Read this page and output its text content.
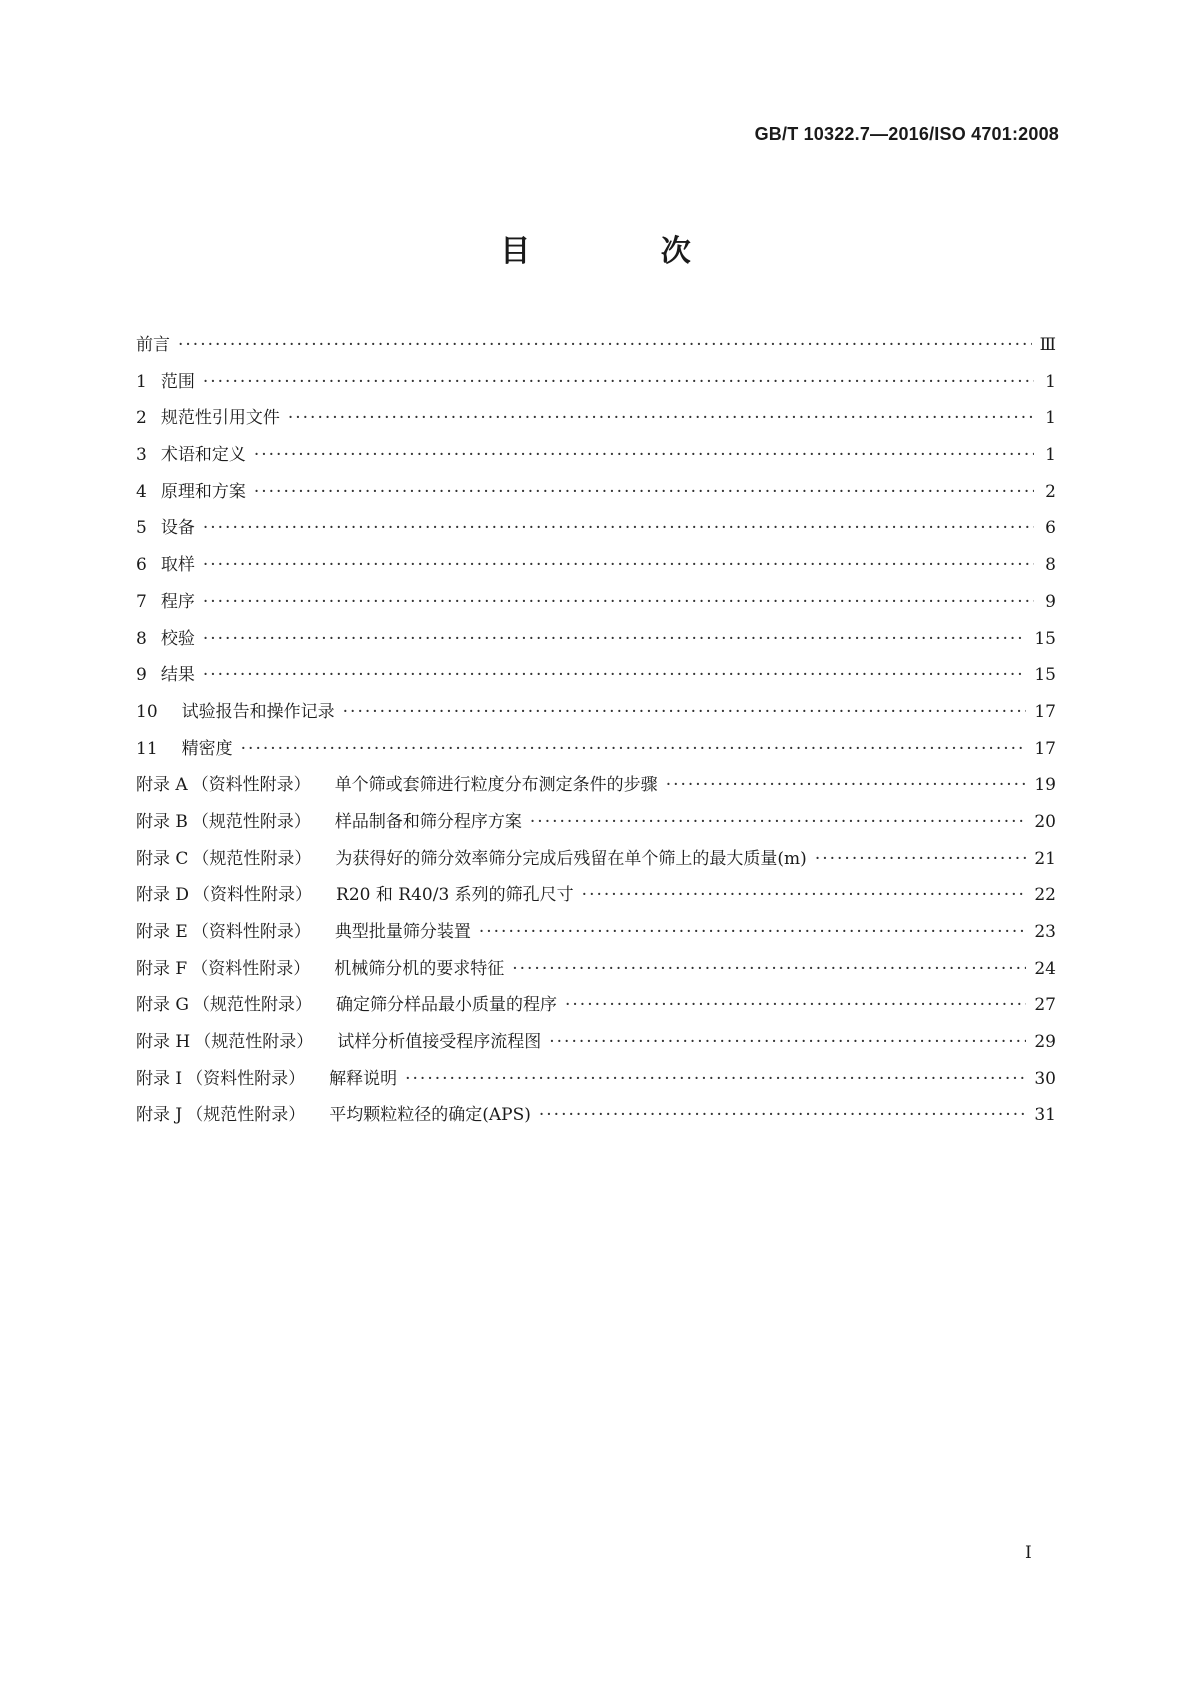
GB/T 10322.7—2016/ISO 4701:2008
目 次
前言 ·····	Ⅲ
1 范围 ·····	1
2 规范性引用文件 ·····	1
3 术语和定义 ·····	1
4 原理和方案 ·····	2
5 设备 ·····	6
6 取样 ·····	8
7 程序 ·····	9
8 校验 ·····	15
9 结果 ·····	15
10 试验报告和操作记录 ·····	17
11 精密度 ·····	17
附录 A （资料性附录） 单个筛或套筛进行粒度分布测定条件的步骤 ·····	19
附录 B （规范性附录） 样品制备和筛分程序方案 ·····	20
附录 C （规范性附录） 为获得好的筛分效率筛分完成后残留在单个筛上的最大质量(m) ·····	21
附录 D （资料性附录） R20 和 R40/3 系列的筛孔尺寸 ·····	22
附录 E （资料性附录） 典型批量筛分装置 ·····	23
附录 F （资料性附录） 机械筛分机的要求特征 ·····	24
附录 G （规范性附录） 确定筛分样品最小质量的程序 ·····	27
附录 H （规范性附录） 试样分析值接受程序流程图 ·····	29
附录 I （资料性附录） 解释说明 ·····	30
附录 J （规范性附录） 平均颗粒粒径的确定(APS) ·····	31
I
